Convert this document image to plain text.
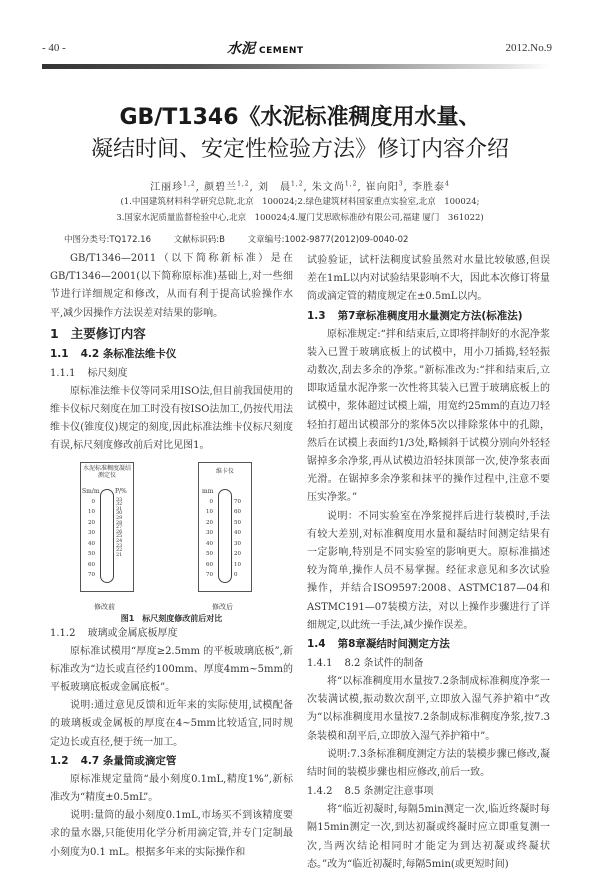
- 40 -	水泥 CEMENT	2012.No.9
GB/T1346《水泥标准稠度用水量、
凝结时间、安定性检验方法》修订内容介绍
江丽珍$^{1,2}$, 颜碧兰$^{1,2}$, 刘　晨$^{1,2}$, 朱文尚$^{1,2}$, 崔向阳$^3$, 李胜泰$^4$
(1.中国建筑材料科学研究总院,北京　100024;2.绿色建筑材料国家重点实验室,北京　100024;
3.国家水泥质量监督检验中心,北京　100024;4.厦门艾思欧标准砂有限公司,福建 厦门　361022)
中图分类号:TQ172.16	文献标识码:B	文章编号:1002-9877(2012)09-0040-02

GB/T1346—2011（以下简称新标准）是在GB/T1346—2001(以下简称原标准)基础上,对一些细节进行详细规定和修改，从而有利于提高试验操作水平,减少因操作方法误差对结果的影响。

1 主要修订内容
1.1 4.2 条标准法维卡仪
1.1.1 标尺刻度

原标准法维卡仪等同采用ISO法,但目前我国使用的维卡仪标尺刻度在加工时没有按ISO法加工,仍按代用法维卡仪(锥度仪)规定的刻度,因此标准法维卡仪标尺刻度有误,标尺刻度修改前后对比见图1。

水泥标准稠度凝结测定仪
Sm/m	P/%
0
10
20
30
40
50
60
70
33
32
31
30
29
28
27
26
25
24
23
22
21
维卡仪
mm
0
10
20
30
40
50
60
70
70
60
50
40
30
20
10
0
修改前	修改后
图1　标尺刻度修改前后对比
1.1.2 玻璃或金属底板厚度

原标准试模用“厚度≥2.5mm 的平板玻璃底板”,新标准改为“边长或直径约100mm、厚度4mm~5mm的平板玻璃底板或金属底板”。

说明:通过意见反馈和近年来的实际使用,试模配备的玻璃板或金属板的厚度在4~5mm比较适宜,同时规定边长或直径,便于统一加工。

1.2 4.7 条量筒或滴定管

原标准规定量筒“最小刻度0.1mL,精度1%”,新标准改为“精度±0.5mL”。

说明:量筒的最小刻度0.1mL,市场买不到该精度要求的量水器,只能使用化学分析用滴定管,并专门定制最小刻度为0.1 mL。根据多年来的实际操作和

试验验证，试杆法稠度试验虽然对水量比较敏感,但误差在1mL以内对试验结果影响不大，因此本次修订将量筒或滴定管的精度规定在±0.5mL以内。

1.3 第7章标准稠度用水量测定方法(标准法)

原标准规定:“拌和结束后,立即将拌制好的水泥净浆装入已置于玻璃底板上的试模中，用小刀插捣,轻轻振动数次,刮去多余的净浆。”新标准改为:“拌和结束后,立即取适量水泥净浆一次性将其装入已置于玻璃底板上的试模中，浆体超过试模上端，用宽约25mm的直边刀轻轻拍打超出试模部分的浆体5次以排除浆体中的孔隙，然后在试模上表面约1/3处,略倾斜于试模分别向外轻轻锯掉多余净浆,再从试模边沿轻抹顶部一次,使净浆表面光滑。在锯掉多余净浆和抹平的操作过程中,注意不要压实净浆。”

说明：不同实验室在净浆搅拌后进行装模时,手法有较大差别,对标准稠度用水量和凝结时间测定结果有一定影响,特别是不同实验室的影响更大。原标准描述较为简单,操作人员不易掌握。经征求意见和多次试验操作，并结合ISO9597:2008、ASTMC187—04和ASTMC191—07装模方法，对以上操作步骤进行了详细规定,以此统一手法,减少操作误差。

1.4 第8章凝结时间测定方法
1.4.1 8.2 条试件的制备

将“以标准稠度用水量按7.2条制成标准稠度净浆一次装满试模,振动数次刮平,立即放入湿气养护箱中”改为“以标准稠度用水量按7.2条制成标准稠度净浆,按7.3条装模和刮平后,立即放入湿气养护箱中”。

说明:7.3条标准稠度测定方法的装模步骤已修改,凝结时间的装模步骤也相应修改,前后一致。

1.4.2 8.5 条测定注意事项

将“临近初凝时,每隔5min测定一次,临近终凝时每隔15min测定一次,到达初凝或终凝时应立即重复测一次,当两次结论相同时才能定为到达初凝或终凝状态。”改为“临近初凝时,每隔5min(或更短时间)
